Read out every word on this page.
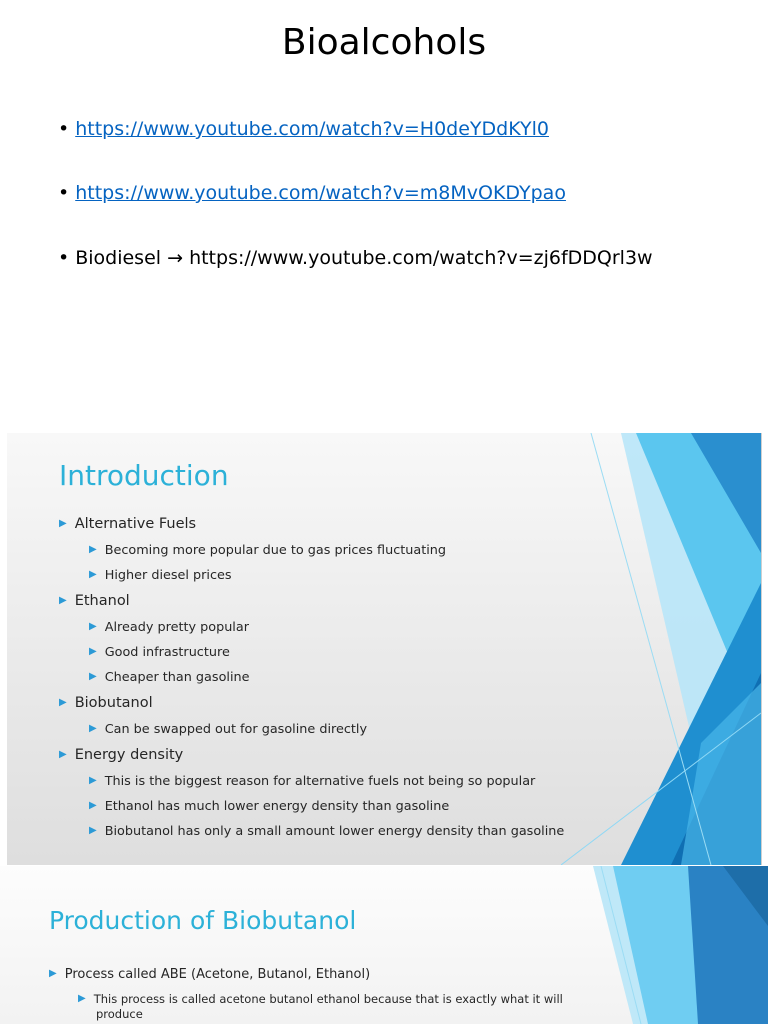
Bioalcohols
• https://www.youtube.com/watch?v=H0deYDdKYl0
• https://www.youtube.com/watch?v=m8MvOKDYpao
• Biodiesel → https://www.youtube.com/watch?v=zj6fDDQrl3w
Introduction
▶ Alternative Fuels
▶ Becoming more popular due to gas prices fluctuating
▶ Higher diesel prices
▶ Ethanol
▶ Already pretty popular
▶ Good infrastructure
▶ Cheaper than gasoline
▶ Biobutanol
▶ Can be swapped out for gasoline directly
▶ Energy density
▶ This is the biggest reason for alternative fuels not being so popular
▶ Ethanol has much lower energy density than gasoline
▶ Biobutanol has only a small amount lower energy density than gasoline
Production of Biobutanol
▶ Process called ABE (Acetone, Butanol, Ethanol)
▶ This process is called acetone butanol ethanol because that is exactly what it will
produce
